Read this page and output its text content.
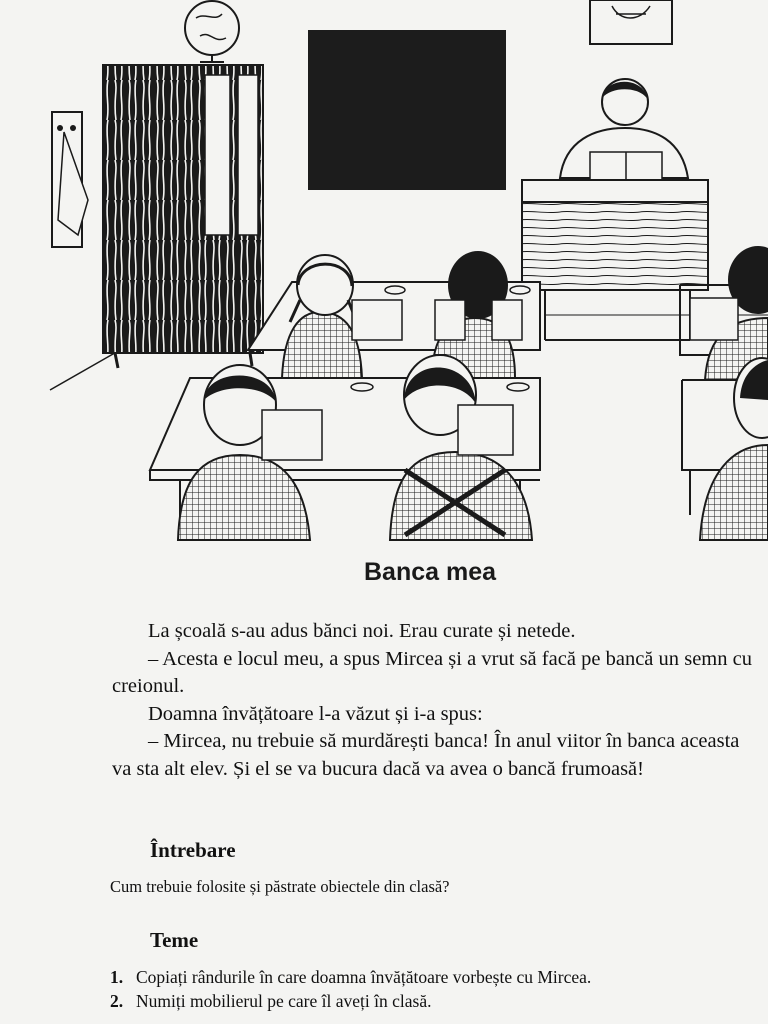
Banca mea

La școală s-au adus bănci noi. Erau curate și netede.

– Acesta e locul meu, a spus Mircea și a vrut să facă pe bancă un semn cu creionul.

Doamna învățătoare l-a văzut și i-a spus:

– Mircea, nu trebuie să murdărești banca! În anul viitor în banca aceasta va sta alt elev. Și el se va bucura dacă va avea o bancă frumoasă!

Întrebare
Cum trebuie folosite și păstrate obiectele din clasă?
Teme
1. Copiați rândurile în care doamna învățătoare vorbește cu Mircea.
2. Numiți mobilierul pe care îl aveți în clasă.
